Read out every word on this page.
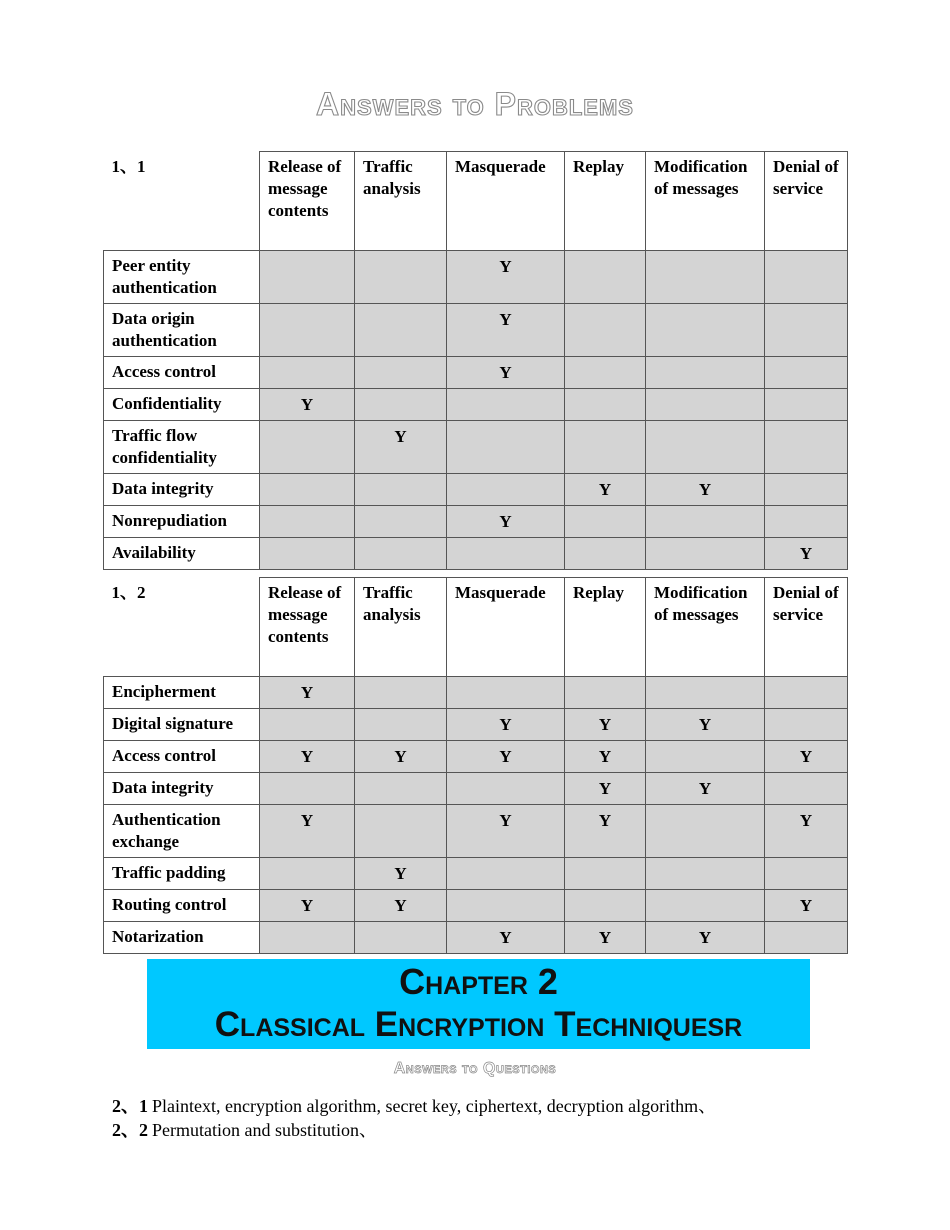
Answers to Problems
1、1	Release of message contents	Traffic analysis	Masquerade	Replay	Modification of messages	Denial of service
Peer entity authentication			Y			
Data origin authentication			Y			
Access control			Y			
Confidentiality	Y					
Traffic flow confidentiality		Y				
Data integrity				Y	Y	
Nonrepudiation			Y			
Availability						Y
1、2	Release of message contents	Traffic analysis	Masquerade	Replay	Modification of messages	Denial of service
Encipherment	Y					
Digital signature			Y	Y	Y	
Access control	Y	Y	Y	Y		Y
Data integrity				Y	Y	
Authentication exchange	Y		Y	Y		Y
Traffic padding		Y				
Routing control	Y	Y				Y
Notarization			Y	Y	Y	
Chapter 2
Classical Encryption Techniquesr
Answers to Questions
2、1 Plaintext, encryption algorithm, secret key, ciphertext, decryption algorithm、
2、2 Permutation and substitution、
